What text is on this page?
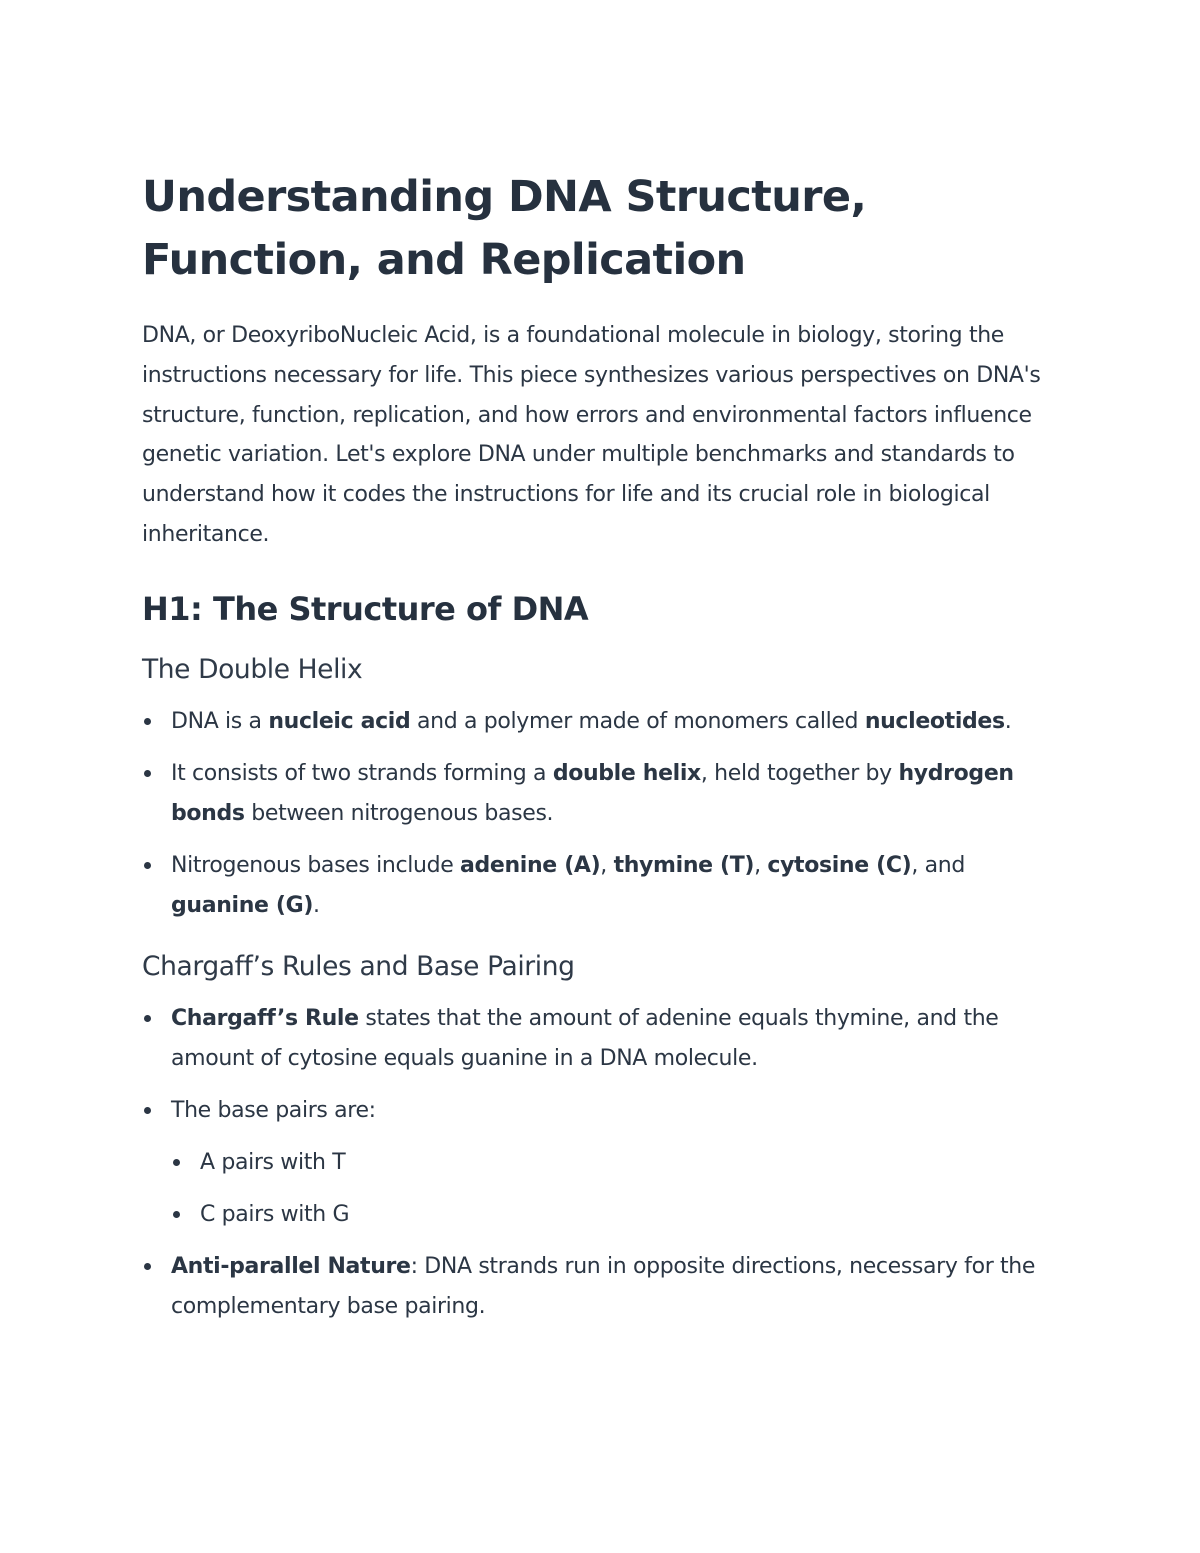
Understanding DNA Structure, Function, and Replication

DNA, or DeoxyriboNucleic Acid, is a foundational molecule in biology, storing the instructions necessary for life. This piece synthesizes various perspectives on DNA's structure, function, replication, and how errors and environmental factors influence genetic variation. Let's explore DNA under multiple benchmarks and standards to understand how it codes the instructions for life and its crucial role in biological inheritance.

H1: The Structure of DNA
The Double Helix
DNA is a nucleic acid and a polymer made of monomers called nucleotides.
It consists of two strands forming a double helix, held together by hydrogen bonds between nitrogenous bases.
Nitrogenous bases include adenine (A), thymine (T), cytosine (C), and guanine (G).
Chargaff’s Rules and Base Pairing
Chargaff’s Rule states that the amount of adenine equals thymine, and the amount of cytosine equals guanine in a DNA molecule.
The base pairs are:
A pairs with T
C pairs with G
Anti-parallel Nature: DNA strands run in opposite directions, necessary for the complementary base pairing.
